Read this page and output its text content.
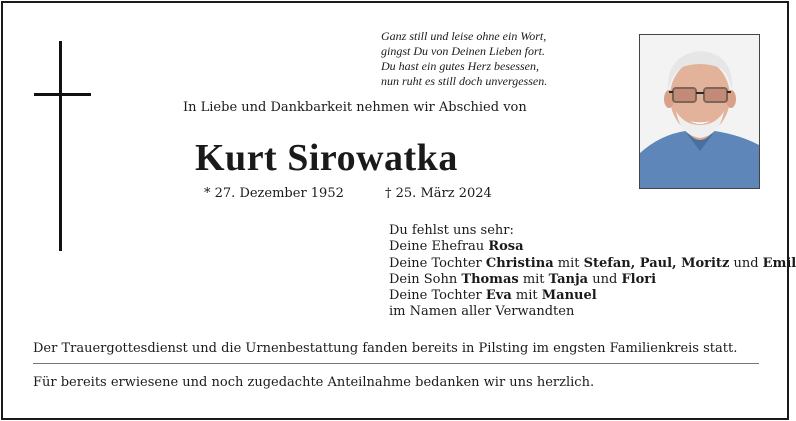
Ganz still und leise ohne ein Wort,
gingst Du von Deinen Lieben fort.
Du hast ein gutes Herz besessen,
nun ruht es still doch unvergessen.
In Liebe und Dankbarkeit nehmen wir Abschied von
Kurt Sirowatka
* 27. Dezember 1952	† 25. März 2024
Du fehlst uns sehr:
Deine Ehefrau Rosa
Deine Tochter Christina mit Stefan, Paul, Moritz und Emil
Dein Sohn Thomas mit Tanja und Flori
Deine Tochter Eva mit Manuel
im Namen aller Verwandten
Der Trauergottesdienst und die Urnenbestattung fanden bereits in Pilsting im engsten Familienkreis statt.
Für bereits erwiesene und noch zugedachte Anteilnahme bedanken wir uns herzlich.
